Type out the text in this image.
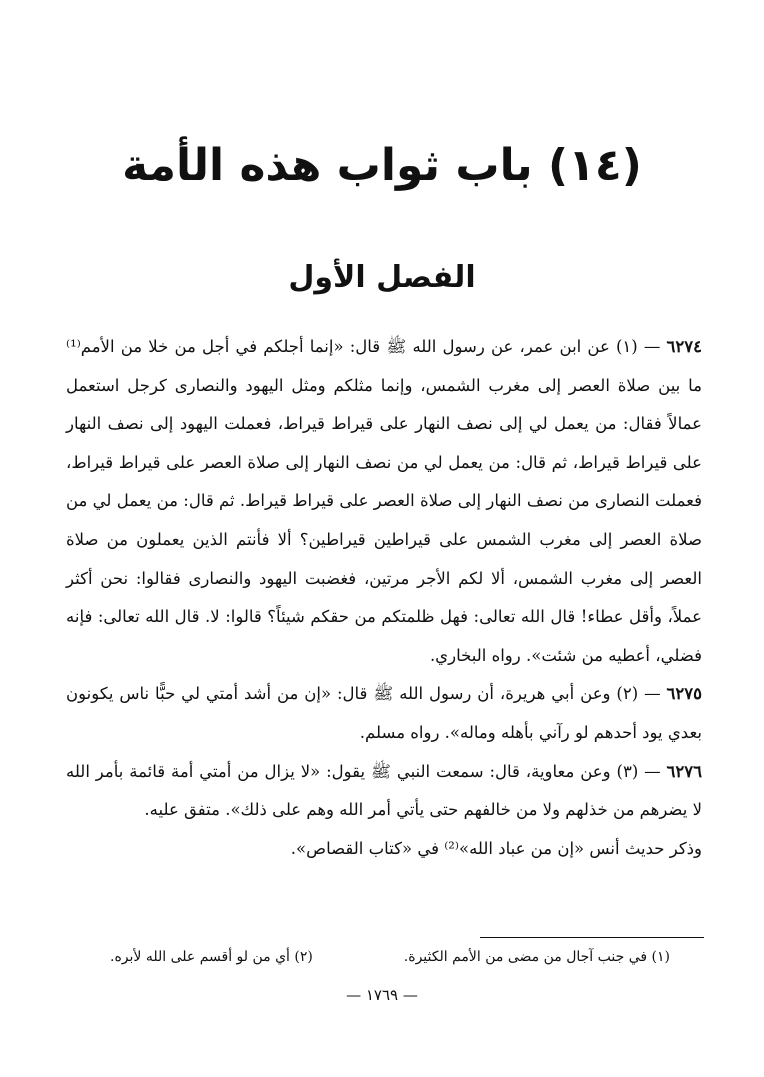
(١٤) باب ثواب هذه الأمة
الفصل الأول

٦٢٧٤ — (١) عن ابن عمر، عن رسول الله ﷺ قال: «إنما أجلكم في أجل من خلا من الأمم⁽¹⁾ ما بين صلاة العصر إلى مغرب الشمس، وإنما مثلكم ومثل اليهود والنصارى كرجل استعمل عمالاً فقال: من يعمل لي إلى نصف النهار على قيراط قيراط، فعملت اليهود إلى نصف النهار على قيراط قيراط، ثم قال: من يعمل لي من نصف النهار إلى صلاة العصر على قيراط قيراط، فعملت النصارى من نصف النهار إلى صلاة العصر على قيراط قيراط. ثم قال: من يعمل لي من صلاة العصر إلى مغرب الشمس على قيراطين قيراطين؟ ألا فأنتم الذين يعملون من صلاة العصر إلى مغرب الشمس، ألا لكم الأجر مرتين، فغضبت اليهود والنصارى فقالوا: نحن أكثر عملاً، وأقل عطاء! قال الله تعالى: فهل ظلمتكم من حقكم شيئاً؟ قالوا: لا. قال الله تعالى: فإنه فضلي، أعطيه من شئت». رواه البخاري.

٦٢٧٥ — (٢) وعن أبي هريرة، أن رسول الله ﷺ قال: «إن من أشد أمتي لي حبًّا ناس يكونون بعدي يود أحدهم لو رآني بأهله وماله». رواه مسلم.

٦٢٧٦ — (٣) وعن معاوية، قال: سمعت النبي ﷺ يقول: «لا يزال من أمتي أمة قائمة بأمر الله لا يضرهم من خذلهم ولا من خالفهم حتى يأتي أمر الله وهم على ذلك». متفق عليه.

وذكر حديث أنس «إن من عباد الله»⁽²⁾ في «كتاب القصاص».

(١) في جنب آجال من مضى من الأمم الكثيرة.
(٢) أي من لو أقسم على الله لأبره.
— ١٧٦٩ —
